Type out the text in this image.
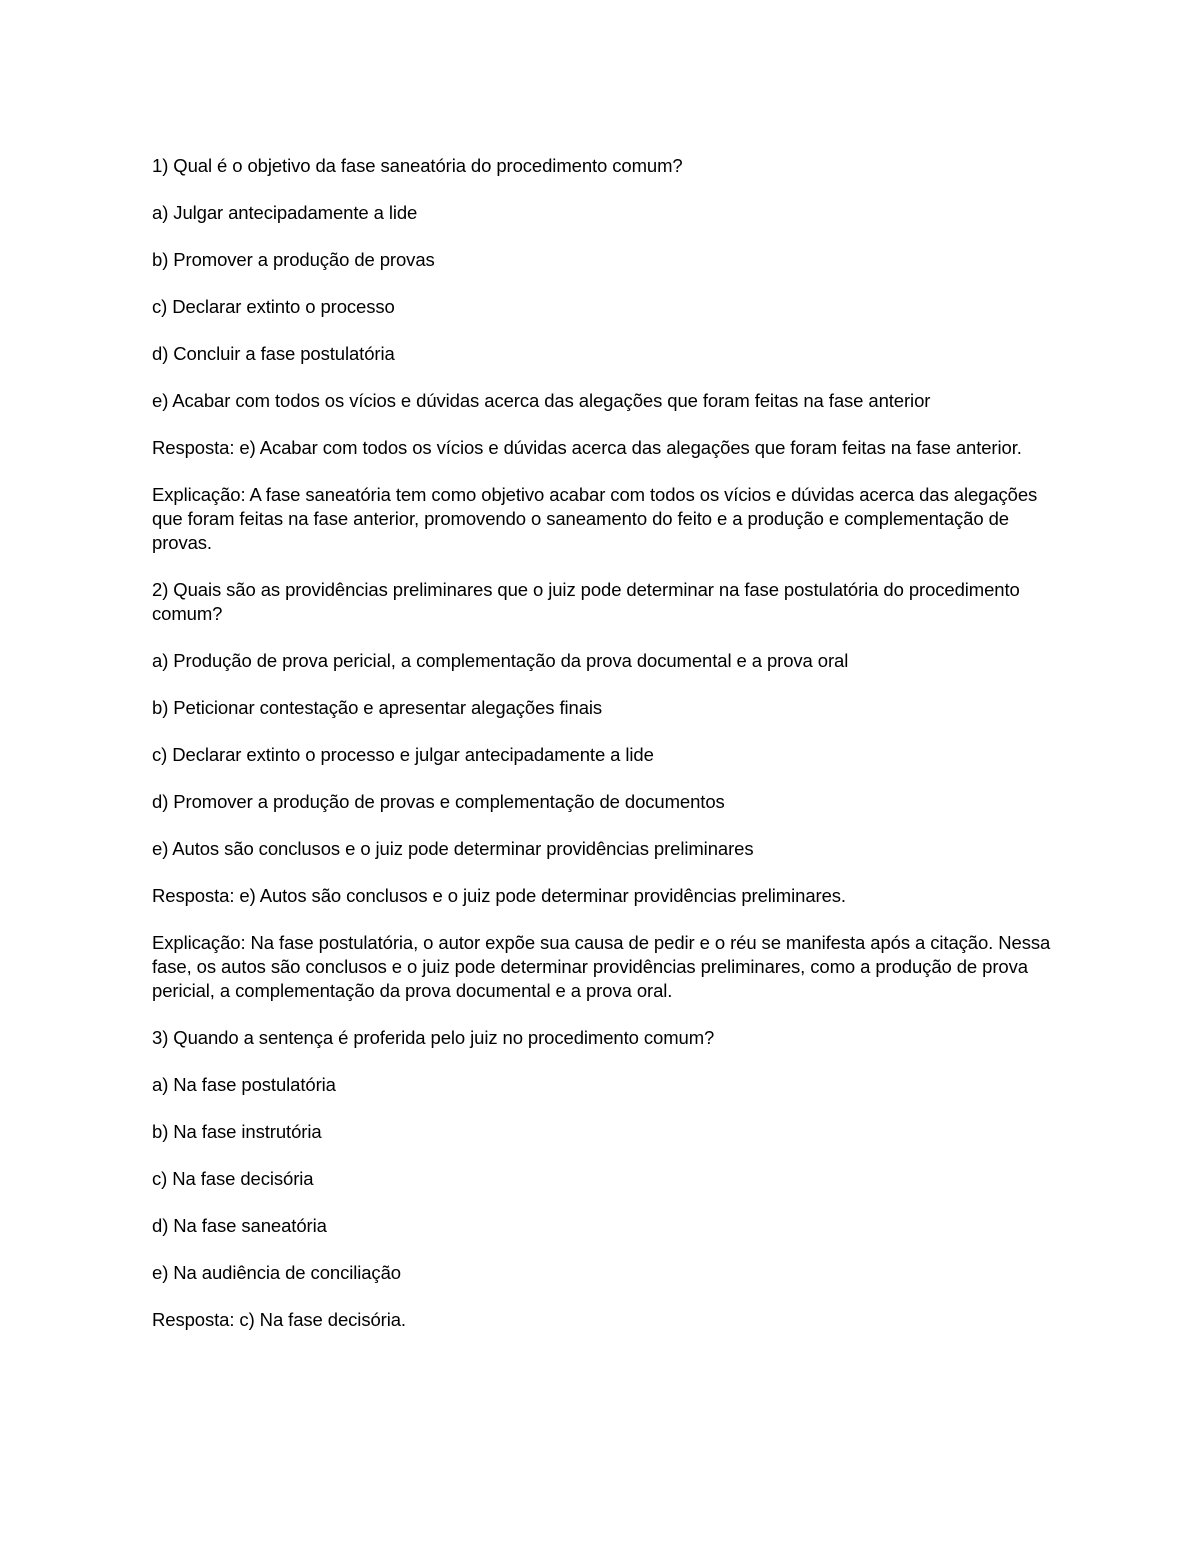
1) Qual é o objetivo da fase saneatória do procedimento comum?

a) Julgar antecipadamente a lide

b) Promover a produção de provas

c) Declarar extinto o processo

d) Concluir a fase postulatória

e) Acabar com todos os vícios e dúvidas acerca das alegações que foram feitas na fase anterior

Resposta: e) Acabar com todos os vícios e dúvidas acerca das alegações que foram feitas na fase anterior.

Explicação: A fase saneatória tem como objetivo acabar com todos os vícios e dúvidas acerca das alegações que foram feitas na fase anterior, promovendo o saneamento do feito e a produção e complementação de provas.

2) Quais são as providências preliminares que o juiz pode determinar na fase postulatória do procedimento comum?

a) Produção de prova pericial, a complementação da prova documental e a prova oral

b) Peticionar contestação e apresentar alegações finais

c) Declarar extinto o processo e julgar antecipadamente a lide

d) Promover a produção de provas e complementação de documentos

e) Autos são conclusos e o juiz pode determinar providências preliminares

Resposta: e) Autos são conclusos e o juiz pode determinar providências preliminares.

Explicação: Na fase postulatória, o autor expõe sua causa de pedir e o réu se manifesta após a citação. Nessa fase, os autos são conclusos e o juiz pode determinar providências preliminares, como a produção de prova pericial, a complementação da prova documental e a prova oral.

3) Quando a sentença é proferida pelo juiz no procedimento comum?

a) Na fase postulatória

b) Na fase instrutória

c) Na fase decisória

d) Na fase saneatória

e) Na audiência de conciliação

Resposta: c) Na fase decisória.
